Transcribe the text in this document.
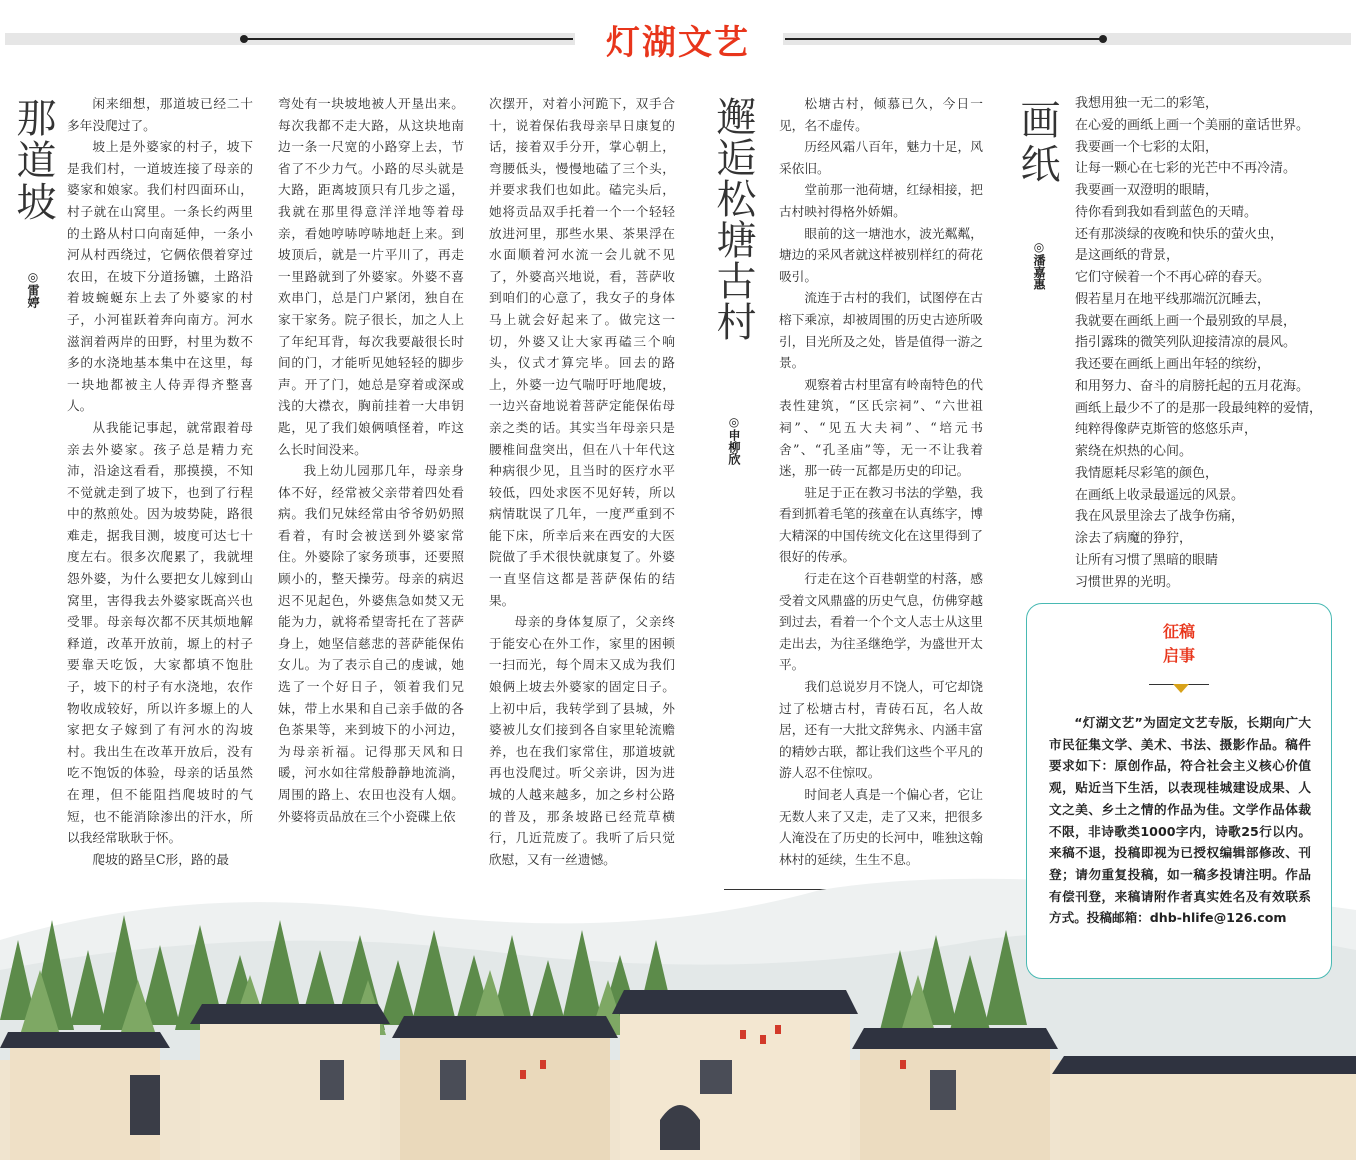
灯湖文艺
那道坡
◎雷婷

闲来细想，那道坡已经二十多年没爬过了。

坡上是外婆家的村子，坡下是我们村，一道坡连接了母亲的婆家和娘家。我们村四面环山，村子就在山窝里。一条长约两里的土路从村口向南延伸，一条小河从村西绕过，它俩依偎着穿过农田，在坡下分道扬镳，土路沿着坡蜿蜒东上去了外婆家的村子，小河崔跃着奔向南方。河水滋润着两岸的田野，村里为数不多的水浇地基本集中在这里，每一块地都被主人侍弄得齐整喜人。

从我能记事起，就常跟着母亲去外婆家。孩子总是精力充沛，沿途这看看，那摸摸，不知不觉就走到了坡下，也到了行程中的熬煎处。因为坡势陡，路很难走，据我目测，坡度可达七十度左右。很多次爬累了，我就埋怨外婆，为什么要把女儿嫁到山窝里，害得我去外婆家既高兴也受罪。母亲每次都不厌其烦地解释道，改革开放前，塬上的村子要靠天吃饭，大家都填不饱肚子，坡下的村子有水浇地，农作物收成较好，所以许多塬上的人家把女子嫁到了有河水的沟坡村。我出生在改革开放后，没有吃不饱饭的体验，母亲的话虽然在理，但不能阻挡爬坡时的气短，也不能消除渗出的汗水，所以我经常耿耿于怀。

爬坡的路呈C形，路的最

弯处有一块坡地被人开垦出来。每次我都不走大路，从这块地南边一条一尺宽的小路穿上去，节省了不少力气。小路的尽头就是大路，距离坡顶只有几步之遥，我就在那里得意洋洋地等着母亲，看她哼哧哼哧地赶上来。到坡顶后，就是一片平川了，再走一里路就到了外婆家。外婆不喜欢串门，总是门户紧闭，独自在家干家务。院子很长，加之人上了年纪耳背，每次我要敲很长时间的门，才能听见她轻轻的脚步声。开了门，她总是穿着或深或浅的大襟衣，胸前挂着一大串钥匙，见了我们娘俩嗔怪着，咋这么长时间没来。

我上幼儿园那几年，母亲身体不好，经常被父亲带着四处看病。我们兄妹经常由爷爷奶奶照看着，有时会被送到外婆家常住。外婆除了家务琐事，还要照顾小的，整天操劳。母亲的病迟迟不见起色，外婆焦急如焚又无能为力，就将希望寄托在了菩萨身上，她坚信慈悲的菩萨能保佑女儿。为了表示自己的虔诚，她选了一个好日子，领着我们兄妹，带上水果和自己亲手做的各色茶果等，来到坡下的小河边，为母亲祈福。记得那天风和日暖，河水如往常般静静地流淌，周围的路上、农田也没有人烟。外婆将贡品放在三个小瓷碟上依

次摆开，对着小河跪下，双手合十，说着保佑我母亲早日康复的话，接着双手分开，掌心朝上，弯腰低头，慢慢地磕了三个头，并要求我们也如此。磕完头后，她将贡品双手托着一个一个轻轻放进河里，那些水果、茶果浮在水面顺着河水流一会儿就不见了，外婆高兴地说，看，菩萨收到咱们的心意了，我女子的身体马上就会好起来了。做完这一切，外婆又让大家再磕三个响头，仪式才算完毕。回去的路上，外婆一边气喘吁吁地爬坡，一边兴奋地说着菩萨定能保佑母亲之类的话。其实当年母亲只是腰椎间盘突出，但在八十年代这种病很少见，且当时的医疗水平较低，四处求医不见好转，所以病情耽误了几年，一度严重到不能下床，所幸后来在西安的大医院做了手术很快就康复了。外婆一直坚信这都是菩萨保佑的结果。

母亲的身体复原了，父亲终于能安心在外工作，家里的困顿一扫而光，每个周末又成为我们娘俩上坡去外婆家的固定日子。上初中后，我转学到了县城，外婆被儿女们接到各自家里轮流赡养，也在我们家常住，那道坡就再也没爬过。听父亲讲，因为进城的人越来越多，加之乡村公路的普及，那条坡路已经荒草横行，几近荒废了。我听了后只觉欣慰，又有一丝遗憾。

邂逅松塘古村
◎申柳欣

松塘古村，倾慕已久，今日一见，名不虚传。

历经风霜八百年，魅力十足，风采依旧。

堂前那一池荷塘，红绿相接，把古村映衬得格外娇媚。

眼前的这一塘池水，波光粼粼，塘边的采风者就这样被别样红的荷花吸引。

流连于古村的我们，试图停在古榕下乘凉，却被周围的历史古迹所吸引，目光所及之处，皆是值得一游之景。

观察着古村里富有岭南特色的代表性建筑，“区氏宗祠”、“六世祖祠”、“见五大夫祠”、“培元书舍”、“孔圣庙”等，无一不让我着迷，那一砖一瓦都是历史的印记。

驻足于正在教习书法的学塾，我看到抓着毛笔的孩童在认真练字，博大精深的中国传统文化在这里得到了很好的传承。

行走在这个百巷朝堂的村落，感受着文风鼎盛的历史气息，仿佛穿越到过去，看着一个个文人志士从这里走出去，为往圣继绝学，为盛世开太平。

我们总说岁月不饶人，可它却饶过了松塘古村，青砖石瓦，名人故居，还有一大批文辞隽永、内涵丰富的精妙古联，都让我们这些个平凡的游人忍不住惊叹。

时间老人真是一个偏心者，它让无数人来了又走，走了又来，把很多人淹没在了历史的长河中，唯独这翰林村的延续，生生不息。

画纸
◎潘嘉惠
我想用独一无二的彩笔，
在心爱的画纸上画一个美丽的童话世界。
我要画一个七彩的太阳，
让每一颗心在七彩的光芒中不再冷清。
我要画一双澄明的眼睛，
待你看到我如看到蓝色的天晴。
还有那淡绿的夜晚和快乐的萤火虫，
是这画纸的背景，
它们守候着一个不再心碎的春天。
假若星月在地平线那端沉沉睡去，
我就要在画纸上画一个最别致的早晨，
指引露珠的微笑列队迎接清凉的晨风。
我还要在画纸上画出年轻的缤纷，
和用努力、奋斗的肩膀托起的五月花海。
画纸上最少不了的是那一段最纯粹的爱情，
纯粹得像萨克斯管的悠悠乐声，
萦绕在炽热的心间。
我情愿耗尽彩笔的颜色，
在画纸上收录最遥远的风景。
我在风景里涂去了战争伤痛，
涂去了病魔的狰狞，
让所有习惯了黑暗的眼睛
习惯世界的光明。
征稿
启事
“灯湖文艺”为固定文艺专版，长期向广大市民征集文学、美术、书法、摄影作品。稿件要求如下：原创作品，符合社会主义核心价值观，贴近当下生活，以表现桂城建设成果、人文之美、乡土之情的作品为佳。文学作品体裁不限，非诗歌类1000字内，诗歌25行以内。来稿不退，投稿即视为已授权编辑部修改、刊登；请勿重复投稿，如一稿多投请注明。作品有偿刊登，来稿请附作者真实姓名及有效联系方式。投稿邮箱：dhb-hlife@126.com
